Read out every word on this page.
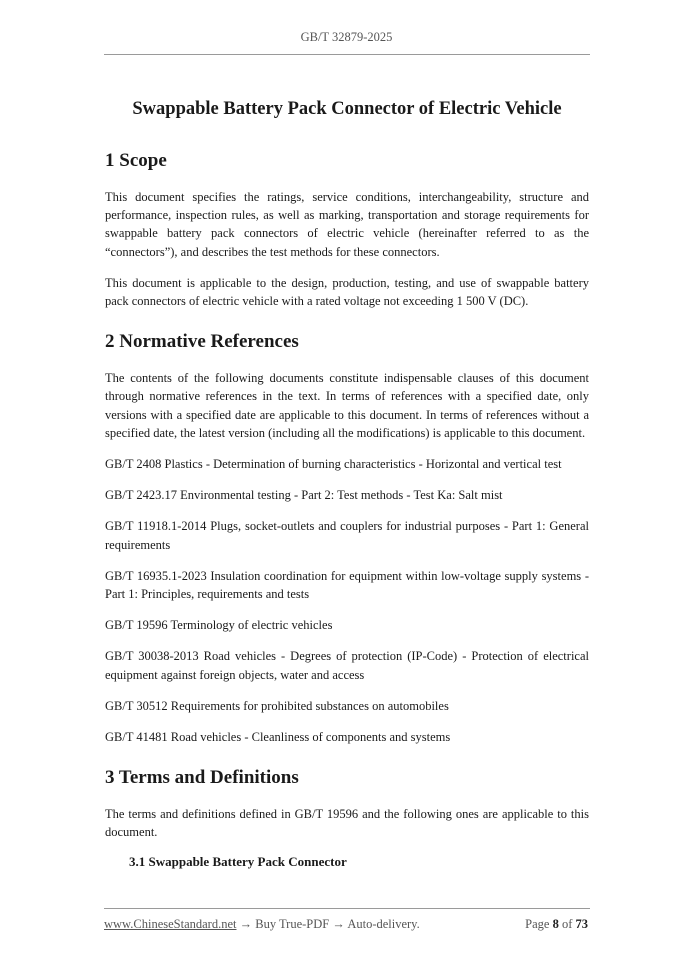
GB/T 32879-2025
Swappable Battery Pack Connector of Electric Vehicle
1 Scope

This document specifies the ratings, service conditions, interchangeability, structure and performance, inspection rules, as well as marking, transportation and storage requirements for swappable battery pack connectors of electric vehicle (hereinafter referred to as the “connectors”), and describes the test methods for these connectors.

This document is applicable to the design, production, testing, and use of swappable battery pack connectors of electric vehicle with a rated voltage not exceeding 1 500 V (DC).

2 Normative References

The contents of the following documents constitute indispensable clauses of this document through normative references in the text. In terms of references with a specified date, only versions with a specified date are applicable to this document. In terms of references without a specified date, the latest version (including all the modifications) is applicable to this document.

GB/T 2408 Plastics - Determination of burning characteristics - Horizontal and vertical test

GB/T 2423.17 Environmental testing - Part 2: Test methods - Test Ka: Salt mist

GB/T 11918.1-2014 Plugs, socket-outlets and couplers for industrial purposes - Part 1: General requirements

GB/T 16935.1-2023 Insulation coordination for equipment within low-voltage supply systems - Part 1: Principles, requirements and tests

GB/T 19596 Terminology of electric vehicles

GB/T 30038-2013 Road vehicles - Degrees of protection (IP-Code) - Protection of electrical equipment against foreign objects, water and access

GB/T 30512 Requirements for prohibited substances on automobiles

GB/T 41481 Road vehicles - Cleanliness of components and systems

3 Terms and Definitions

The terms and definitions defined in GB/T 19596 and the following ones are applicable to this document.

3.1 Swappable Battery Pack Connector
www.ChineseStandard.net → Buy True-PDF → Auto-delivery.	Page 8 of 73
